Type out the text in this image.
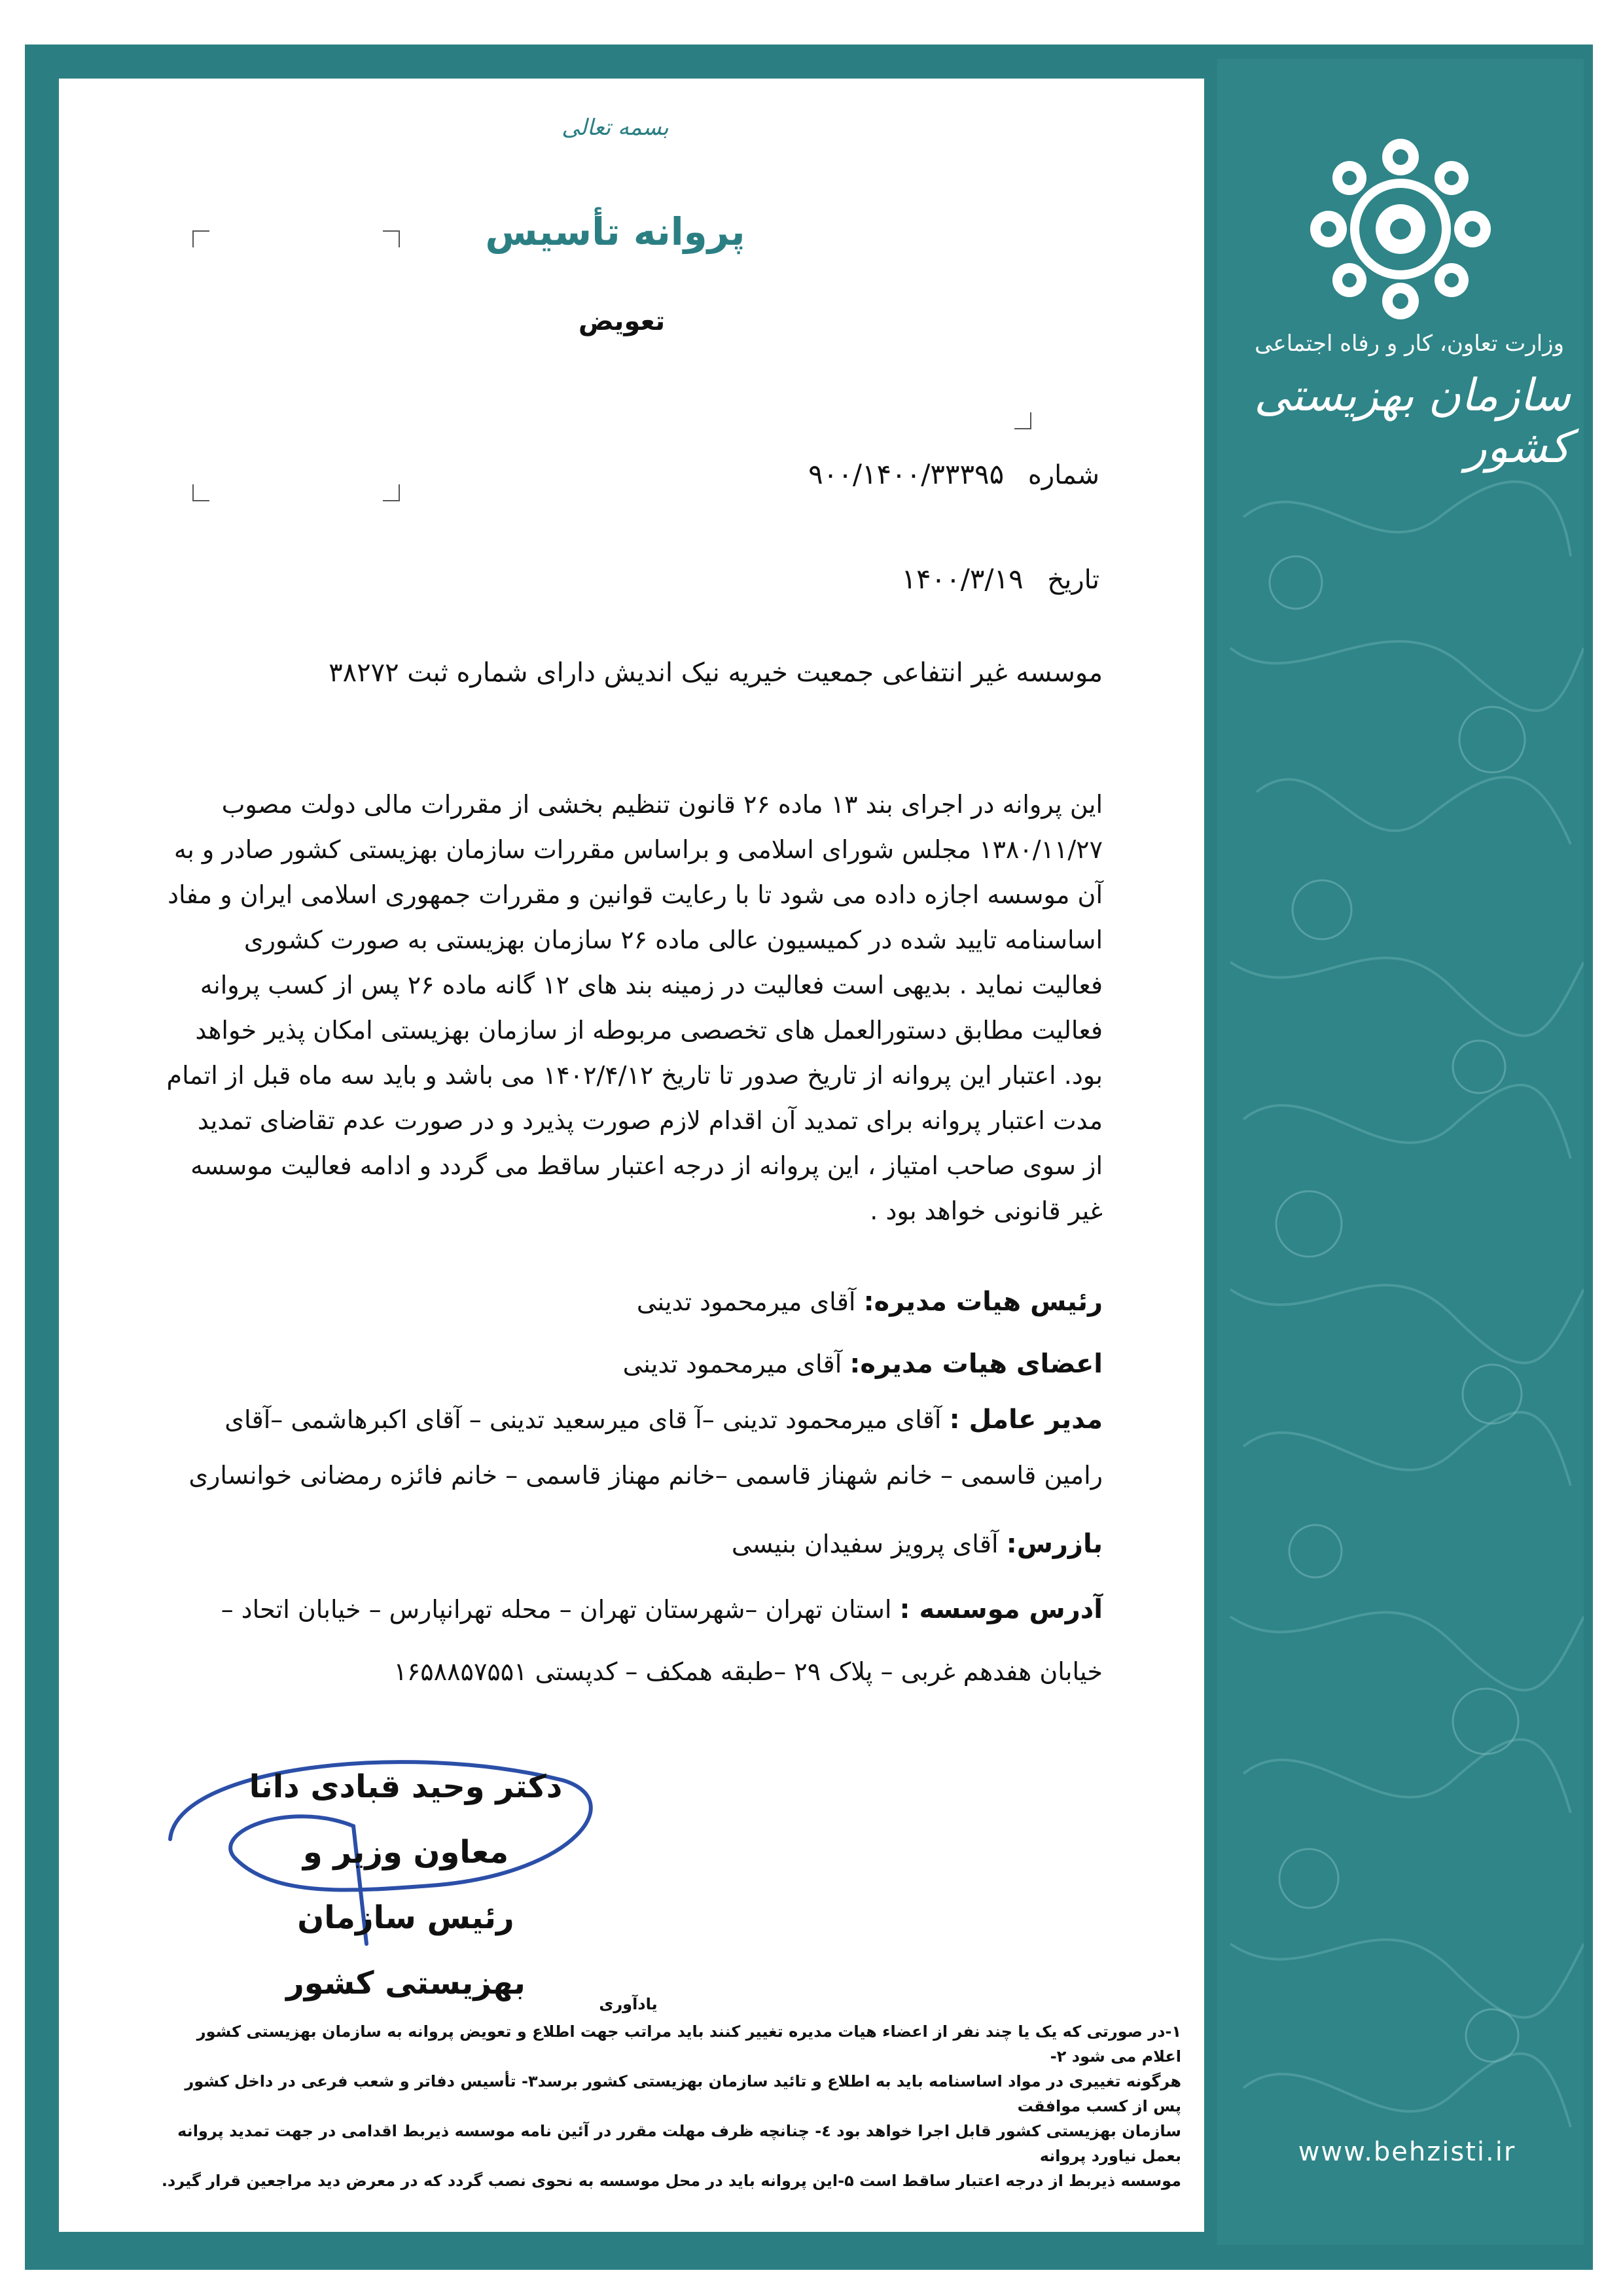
وزارت تعاون، کار و رفاه اجتماعی
سازمان بهزیستی کشور
www.behzisti.ir
بسمه تعالی
پروانه تأسیس
تعویض
شماره ۹۰۰/۱۴۰۰/۳۳۳۹۵
تاریخ ۱۴۰۰/۳/۱۹
موسسه غیر انتفاعی جمعیت خیریه نیک اندیش دارای شماره ثبت ۳۸۲۷۲

این پروانه در اجرای بند ۱۳ ماده ۲۶ قانون تنظیم بخشی از مقررات مالی دولت مصوب

۱۳۸۰/۱۱/۲۷ مجلس شورای اسلامی و براساس مقررات سازمان بهزیستی کشور صادر و به

آن موسسه اجازه داده می شود تا با رعایت قوانین و مقررات جمهوری اسلامی ایران و مفاد

اساسنامه تایید شده در کمیسیون عالی ماده ۲۶ سازمان بهزیستی به صورت کشوری

فعالیت نماید . بدیهی است فعالیت در زمینه بند های ۱۲ گانه ماده ۲۶ پس از کسب پروانه

فعالیت مطابق دستورالعمل های تخصصی مربوطه از سازمان بهزیستی امکان پذیر خواهد

بود. اعتبار این پروانه از تاریخ صدور تا تاریخ ۱۴۰۲/۴/۱۲ می باشد و باید سه ماه قبل از اتمام

مدت اعتبار پروانه برای تمدید آن اقدام لازم صورت پذیرد و در صورت عدم تقاضای تمدید

از سوی صاحب امتیاز ، این پروانه از درجه اعتبار ساقط می گردد و ادامه فعالیت موسسه

غیر قانونی خواهد بود .

رئیس هیات مدیره: آقای میرمحمود تدینی
اعضای هیات مدیره: آقای میرمحمود تدینی
مدیر عامل : آقای میرمحمود تدینی –آ قای میرسعید تدینی – آقای اکبرهاشمی –آقای
رامین قاسمی – خانم شهناز قاسمی –خانم مهناز قاسمی – خانم فائزه رمضانی خوانساری
بازرس: آقای پرویز سفیدان بنیسی
آدرس موسسه : استان تهران –شهرستان تهران – محله تهرانپارس – خیابان اتحاد –
خیابان هفدهم غربی – پلاک ۲۹ –طبقه همکف – کدپستی ۱۶۵۸۸۵۷۵۵۱
دکتر وحید قبادی دانا
معاون وزیر و
رئیس سازمان بهزیستی کشور
یادآوری

۱-در صورتی که یک یا چند نفر از اعضاء هیات مدیره تغییر کنند باید مراتب جهت اطلاع و تعویض پروانه به سازمان بهزیستی کشور اعلام می شود ۲-

هرگونه تغییری در مواد اساسنامه باید به اطلاع و تائید سازمان بهزیستی کشور برسد۳- تأسیس دفاتر و شعب فرعی در داخل کشور پس از کسب موافقت

سازمان بهزیستی کشور قابل اجرا خواهد بود ٤- چنانچه ظرف مهلت مقرر در آئین نامه موسسه ذیربط اقدامی در جهت تمدید پروانه بعمل نیاورد پروانه

موسسه ذیربط از درجه اعتبار ساقط است ۵-این پروانه باید در محل موسسه به نحوی نصب گردد که در معرض دید مراجعین قرار گیرد.
